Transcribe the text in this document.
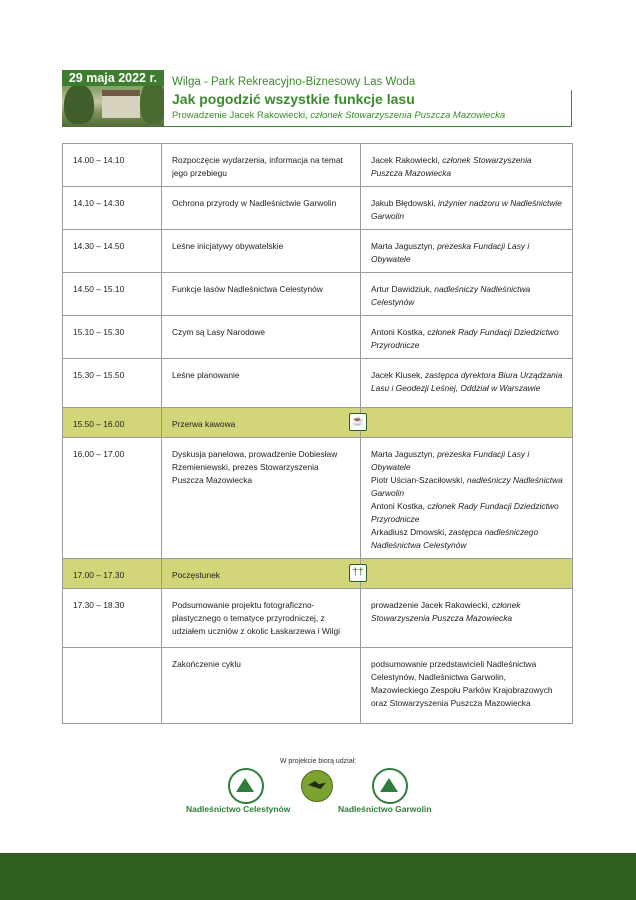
29 maja 2022 r.	Wilga - Park Rekreacyjno-Biznesowy Las Woda
Jak pogodzić wszystkie funkcje lasu
Prowadzenie Jacek Rakowiecki, członek Stowarzyszenia Puszcza Mazowiecka
14.00 – 14.10	Rozpoczęcie wydarzenia, informacja na temat jego przebiegu	Jacek Rakowiecki, członek Stowarzyszenia Puszcza Mazowiecka

14.10 – 14.30	Ochrona przyrody w Nadleśnictwie Garwolin	Jakub Błędowski, inżynier nadzoru w Nadleśnictwie Garwolin

14.30 – 14.50	Leśne inicjatywy obywatelskie	Marta Jagusztyn, prezeska Fundacji Lasy i Obywatele

14.50 – 15.10	Funkcje lasów Nadleśnictwa Celestynów	Artur Dawidziuk, nadleśniczy Nadleśnictwa Celestynów

15.10 – 15.30	Czym są Lasy Narodowe	Antoni Kostka, członek Rady Fundacji Dziedzictwo Przyrodnicze

15.30 – 15.50	Leśne planowanie	Jacek Klusek, zastępca dyrektora Biura Urządzania Lasu i Geodezji Leśnej, Oddział w Warszawie

15.50 – 16.00	Przerwa kawowa ☕	

16.00 – 17.00	Dyskusja panelowa, prowadzenie Dobiesław Rzemieniewski, prezes Stowarzyszenia Puszcza Mazowiecka	Marta Jagusztyn, prezeska Fundacji Lasy i Obywatele
Piotr Uścian-Szaciłowski, nadleśniczy Nadleśnictwa Garwolin
Antoni Kostka, członek Rady Fundacji Dziedzictwo Przyrodnicze
Arkadiusz Dmowski, zastępca nadleśniczego Nadleśnictwa Celestynów

17.00 – 17.30	Poczęstunek ††	

17.30 – 18.30	Podsumowanie projektu fotograficzno-plastycznego o tematyce przyrodniczej, z udziałem uczniów z okolic Łaskarzewa i Wilgi	prowadzenie Jacek Rakowiecki, członek Stowarzyszenia Puszcza Mazowiecka

	Zakończenie cyklu	podsumowanie przedstawicieli Nadleśnictwa Celestynów, Nadleśnictwa Garwolin, Mazowieckiego Zespołu Parków Krajobrazowych oraz Stowarzyszenia Puszcza Mazowiecka
W projekcie biorą udział:
Nadleśnictwo Celestynów	Nadleśnictwo Garwolin
